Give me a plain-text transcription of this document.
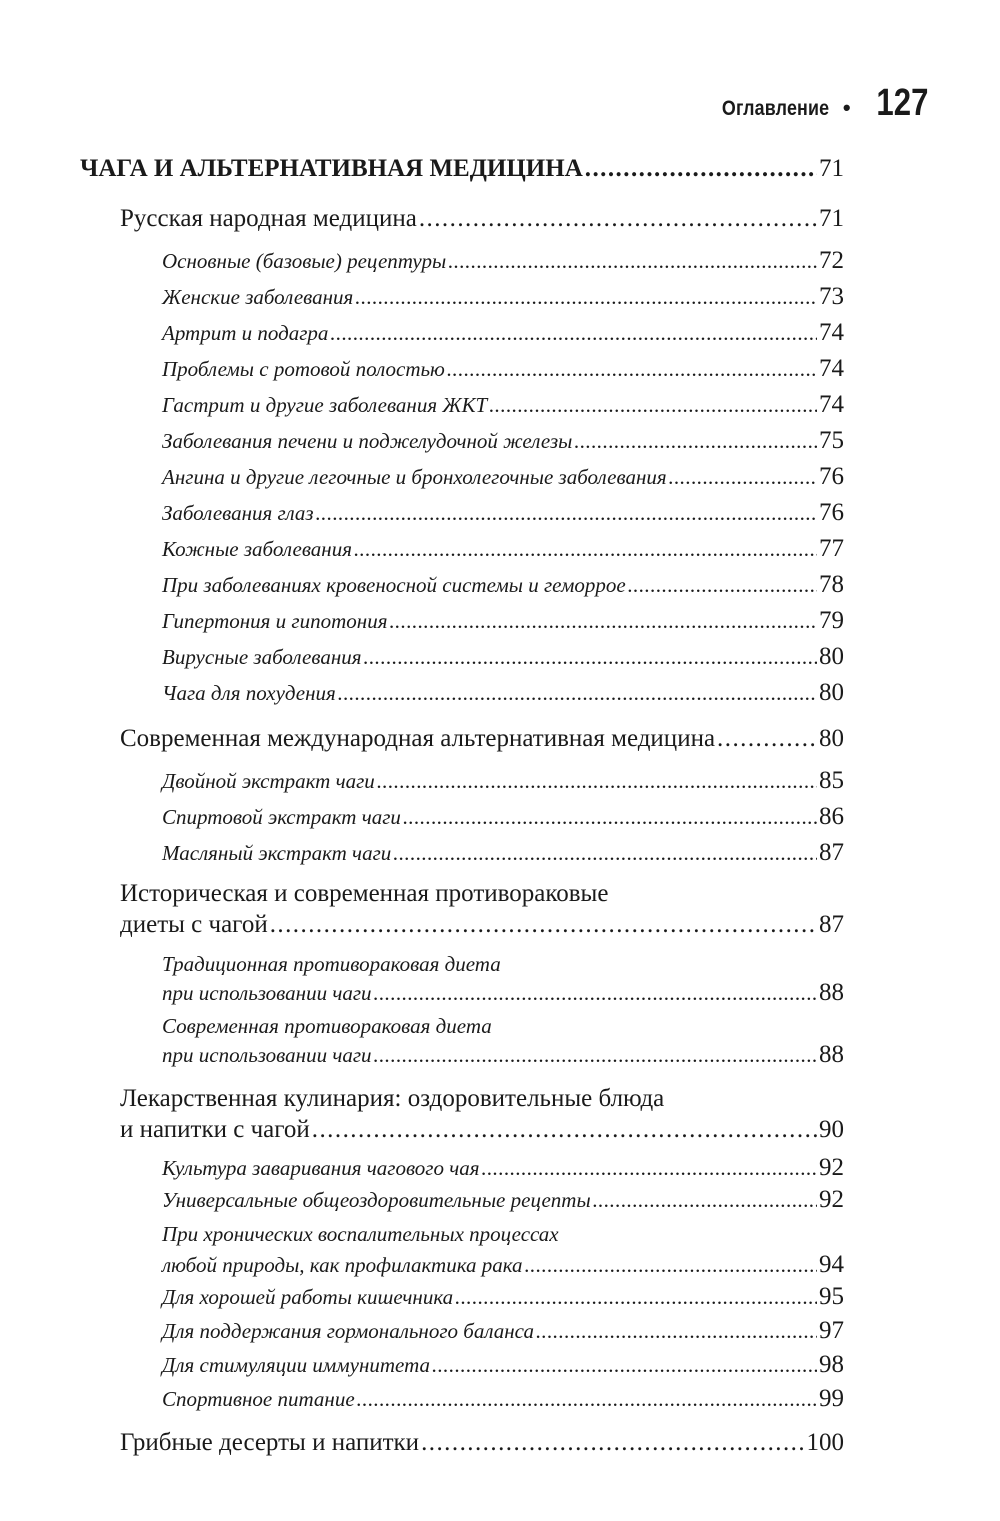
Оглавление • 127
ЧАГА И АЛЬТЕРНАТИВНАЯ МЕДИЦИНА . . .	71
Русская народная медицина . . .	71
Основные (базовые) рецептуры . . .	72
Женские заболевания . . .	73
Артрит и подагра . . .	74
Проблемы с ротовой полостью . . .	74
Гастрит и другие заболевания ЖКТ . . .	74
Заболевания печени и поджелудочной железы . . .	75
Ангина и другие легочные и бронхолегочные заболевания . . .	76
Заболевания глаз . . .	76
Кожные заболевания . . .	77
При заболеваниях кровеносной системы и геморрое . . .	78
Гипертония и гипотония . . .	79
Вирусные заболевания . . .	80
Чага для похудения . . .	80
Современная международная альтернативная медицина . . .	80
Двойной экстракт чаги . . .	85
Спиртовой экстракт чаги . . .	86
Масляный экстракт чаги . . .	87
Историческая и современная противораковые
диеты с чагой . . .	87
Традиционная противораковая диета
при использовании чаги . . .	88
Современная противораковая диета
при использовании чаги . . .	88
Лекарственная кулинария: оздоровительные блюда
и напитки с чагой . . .	90
Культура заваривания чагового чая . . .	92
Универсальные общеоздоровительные рецепты . . .	92
При хронических воспалительных процессах
любой природы, как профилактика рака . . .	94
Для хорошей работы кишечника . . .	95
Для поддержания гормонального баланса . . .	97
Для стимуляции иммунитета . . .	98
Спортивное питание . . .	99
Грибные десерты и напитки . . .	100
